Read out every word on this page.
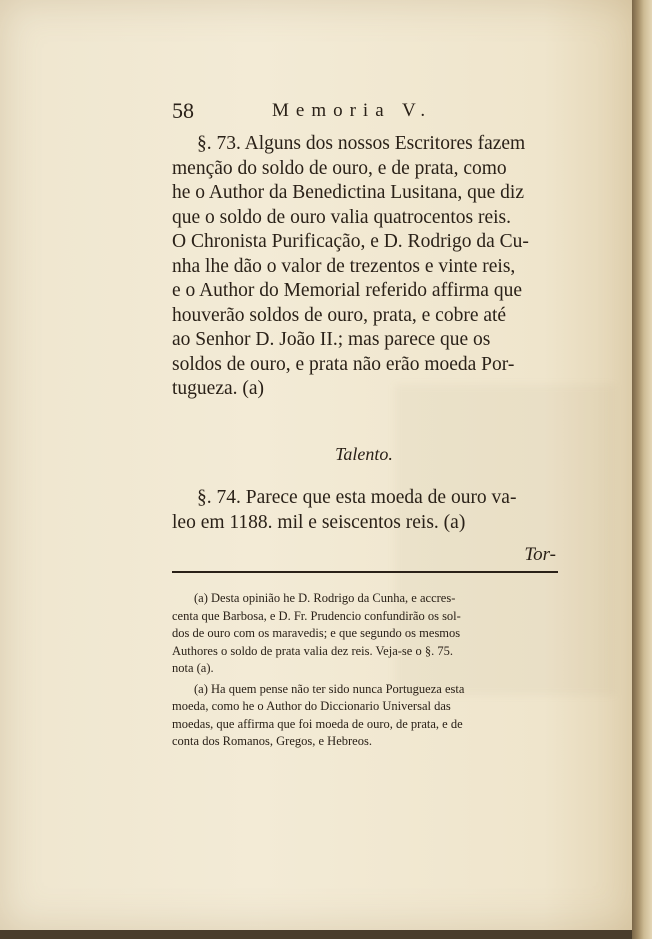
58	Memoria V.
§. 73. Alguns dos nossos Escritores fazem
menção do soldo de ouro, e de prata, como
he o Author da Benedictina Lusitana, que diz
que o soldo de ouro valia quatrocentos reis.
O Chronista Purificação, e D. Rodrigo da Cu-
nha lhe dão o valor de trezentos e vinte reis,
e o Author do Memorial referido affirma que
houverão soldos de ouro, prata, e cobre até
ao Senhor D. João II.; mas parece que os
soldos de ouro, e prata não erão moeda Por-
tugueza. (a)
Talento.
§. 74. Parece que esta moeda de ouro va-
leo em 1188. mil e seiscentos reis. (a)
Tor-
(a) Desta opinião he D. Rodrigo da Cunha, e accres-
centa que Barbosa, e D. Fr. Prudencio confundirão os sol-
dos de ouro com os maravedis; e que segundo os mesmos
Authores o soldo de prata valia dez reis. Veja-se o §. 75.
nota (a).
(a) Ha quem pense não ter sido nunca Portugueza esta
moeda, como he o Author do Diccionario Universal das
moedas, que affirma que foi moeda de ouro, de prata, e de
conta dos Romanos, Gregos, e Hebreos.
